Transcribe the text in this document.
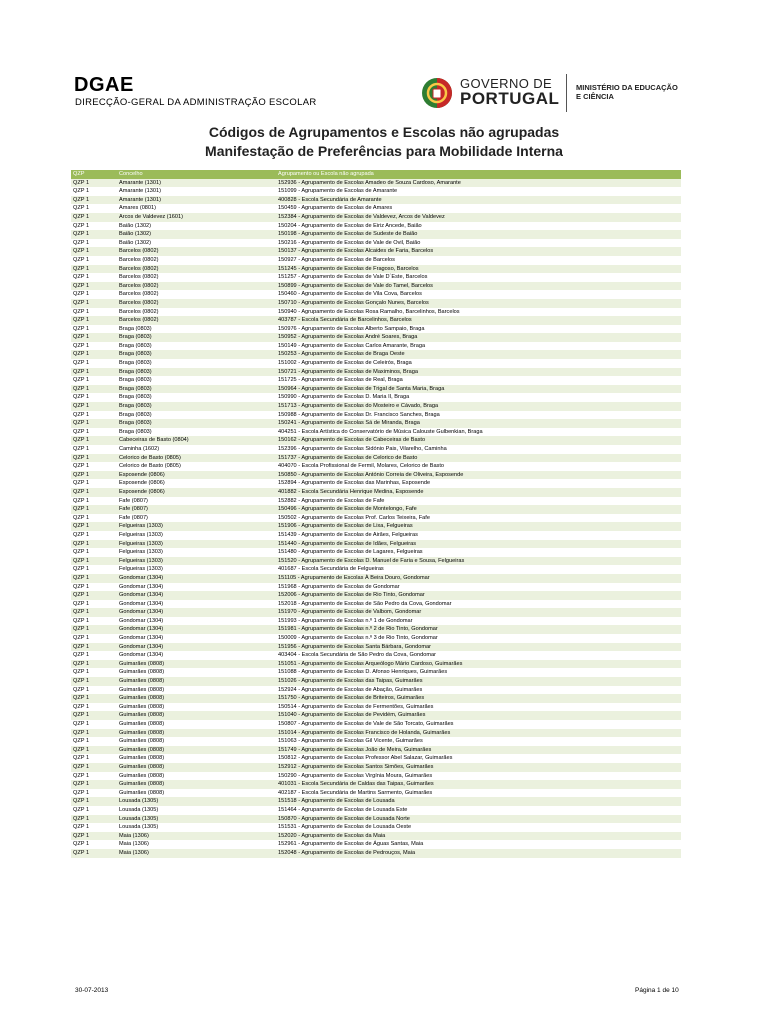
DGAE
DIRECÇÃO-GERAL DA ADMINISTRAÇÃO ESCOLAR
GOVERNO DE
PORTUGAL
MINISTÉRIO DA EDUCAÇÃO
E CIÊNCIA
Códigos de Agrupamentos e Escolas não agrupadas
Manifestação de Preferências para Mobilidade Interna
QZP	Concelho	Agrupamento ou Escola não agrupada
QZP 1	Amarante (1301)	152936 - Agrupamento de Escolas Amadeo de Souza Cardoso, Amarante
QZP 1	Amarante (1301)	151099 - Agrupamento de Escolas de Amarante
QZP 1	Amarante (1301)	400828 - Escola Secundária de Amarante
QZP 1	Amares (0801)	150459 - Agrupamento de Escolas de Amares
QZP 1	Arcos de Valdevez (1601)	152384 - Agrupamento de Escolas de Valdevez, Arcos de Valdevez
QZP 1	Baião (1302)	150204 - Agrupamento de Escolas de Eiriz Ancede, Baião
QZP 1	Baião (1302)	150198 - Agrupamento de Escolas de Sudeste de Baião
QZP 1	Baião (1302)	150216 - Agrupamento de Escolas de Vale de Ovil, Baião
QZP 1	Barcelos (0802)	150137 - Agrupamento de Escolas Alcaides de Faria, Barcelos
QZP 1	Barcelos (0802)	150927 - Agrupamento de Escolas de Barcelos
QZP 1	Barcelos (0802)	151245 - Agrupamento de Escolas de Fragoso, Barcelos
QZP 1	Barcelos (0802)	151257 - Agrupamento de Escolas de Vale D´Este, Barcelos
QZP 1	Barcelos (0802)	150899 - Agrupamento de Escolas de Vale do Tamel, Barcelos
QZP 1	Barcelos (0802)	150460 - Agrupamento de Escolas de Vila Cova, Barcelos
QZP 1	Barcelos (0802)	150710 - Agrupamento de Escolas Gonçalo Nunes, Barcelos
QZP 1	Barcelos (0802)	150940 - Agrupamento de Escolas Rosa Ramalho, Barcelinhos, Barcelos
QZP 1	Barcelos (0802)	403787 - Escola Secundária de Barcelinhos, Barcelos
QZP 1	Braga (0803)	150976 - Agrupamento de Escolas Alberto Sampaio, Braga
QZP 1	Braga (0803)	150952 - Agrupamento de Escolas André Soares, Braga
QZP 1	Braga (0803)	150149 - Agrupamento de Escolas Carlos Amarante, Braga
QZP 1	Braga (0803)	150253 - Agrupamento de Escolas de Braga Oeste
QZP 1	Braga (0803)	151002 - Agrupamento de Escolas de Celeirós, Braga
QZP 1	Braga (0803)	150721 - Agrupamento de Escolas de Maximinos, Braga
QZP 1	Braga (0803)	151725 - Agrupamento de Escolas de Real, Braga
QZP 1	Braga (0803)	150964 - Agrupamento de Escolas de Trigal de Santa Maria, Braga
QZP 1	Braga (0803)	150990 - Agrupamento de Escolas D. Maria II, Braga
QZP 1	Braga (0803)	151713 - Agrupamento de Escolas do Mosteiro e Cávado, Braga
QZP 1	Braga (0803)	150988 - Agrupamento de Escolas Dr. Francisco Sanches, Braga
QZP 1	Braga (0803)	150241 - Agrupamento de Escolas Sá de Miranda, Braga
QZP 1	Braga (0803)	404251 - Escola Artística do Conservatório de Música Calouste Gulbenkian, Braga
QZP 1	Cabeceiras de Basto (0804)	150162 - Agrupamento de Escolas de Cabeceiras de Basto
QZP 1	Caminha (1602)	152396 - Agrupamento de Escolas Sidónio Pais, Vilarelho, Caminha
QZP 1	Celorico de Basto (0805)	151737 - Agrupamento de Escolas de Celorico de Basto
QZP 1	Celorico de Basto (0805)	404070 - Escola Profissional de Fermil, Molares, Celorico de Basto
QZP 1	Esposende (0806)	150850 - Agrupamento de Escolas António Correia de Oliveira, Esposende
QZP 1	Esposende (0806)	152894 - Agrupamento de Escolas das Marinhas, Esposende
QZP 1	Esposende (0806)	401882 - Escola Secundária Henrique Medina, Esposende
QZP 1	Fafe (0807)	152882 - Agrupamento de Escolas de Fafe
QZP 1	Fafe (0807)	150496 - Agrupamento de Escolas de Montelongo, Fafe
QZP 1	Fafe (0807)	150502 - Agrupamento de Escolas Prof. Carlos Teixeira, Fafe
QZP 1	Felgueiras (1303)	151906 - Agrupamento de Escolas de Lixa, Felgueiras
QZP 1	Felgueiras (1303)	151439 - Agrupamento de Escolas de Airães, Felgueiras
QZP 1	Felgueiras (1303)	151440 - Agrupamento de Escolas de Idães, Felgueiras
QZP 1	Felgueiras (1303)	151480 - Agrupamento de Escolas de Lagares, Felgueiras
QZP 1	Felgueiras (1303)	151520 - Agrupamento de Escolas D. Manuel de Faria e Sousa, Felgueiras
QZP 1	Felgueiras (1303)	401687 - Escola Secundária de Felgueiras
QZP 1	Gondomar (1304)	151105 - Agrupamento de Escolas À Beira Douro, Gondomar
QZP 1	Gondomar (1304)	151968 - Agrupamento de Escolas de Gondomar
QZP 1	Gondomar (1304)	152006 - Agrupamento de Escolas de Rio Tinto, Gondomar
QZP 1	Gondomar (1304)	152018 - Agrupamento de Escolas de São Pedro da Cova, Gondomar
QZP 1	Gondomar (1304)	151970 - Agrupamento de Escolas de Valbom, Gondomar
QZP 1	Gondomar (1304)	151993 - Agrupamento de Escolas n.º 1 de Gondomar
QZP 1	Gondomar (1304)	151981 - Agrupamento de Escolas n.º 2 de Rio Tinto, Gondomar
QZP 1	Gondomar (1304)	150009 - Agrupamento de Escolas n.º 3 de Rio Tinto, Gondomar
QZP 1	Gondomar (1304)	151956 - Agrupamento de Escolas Santa Bárbara, Gondomar
QZP 1	Gondomar (1304)	403404 - Escola Secundária de São Pedro da Cova, Gondomar
QZP 1	Guimarães (0808)	151051 - Agrupamento de Escolas Arqueólogo Mário Cardoso, Guimarães
QZP 1	Guimarães (0808)	151088 - Agrupamento de Escolas D. Afonso Henriques, Guimarães
QZP 1	Guimarães (0808)	151026 - Agrupamento de Escolas das Taipas, Guimarães
QZP 1	Guimarães (0808)	152924 - Agrupamento de Escolas de Abação, Guimarães
QZP 1	Guimarães (0808)	151750 - Agrupamento de Escolas de Briteiros, Guimarães
QZP 1	Guimarães (0808)	150514 - Agrupamento de Escolas de Fermentões, Guimarães
QZP 1	Guimarães (0808)	151040 - Agrupamento de Escolas de Pevidém, Guimarães
QZP 1	Guimarães (0808)	150807 - Agrupamento de Escolas de Vale de São Torcato, Guimarães
QZP 1	Guimarães (0808)	151014 - Agrupamento de Escolas Francisco de Holanda, Guimarães
QZP 1	Guimarães (0808)	151063 - Agrupamento de Escolas Gil Vicente, Guimarães
QZP 1	Guimarães (0808)	151749 - Agrupamento de Escolas João de Meira, Guimarães
QZP 1	Guimarães (0808)	150812 - Agrupamento de Escolas Professor Abel Salazar, Guimarães
QZP 1	Guimarães (0808)	152912 - Agrupamento de Escolas Santos Simões, Guimarães
QZP 1	Guimarães (0808)	150290 - Agrupamento de Escolas Virgínia Moura, Guimarães
QZP 1	Guimarães (0808)	401031 - Escola Secundária de Caldas das Taipas, Guimarães
QZP 1	Guimarães (0808)	402187 - Escola Secundária de Martins Sarmento, Guimarães
QZP 1	Lousada (1305)	151518 - Agrupamento de Escolas de Lousada
QZP 1	Lousada (1305)	151464 - Agrupamento de Escolas de Lousada Este
QZP 1	Lousada (1305)	150870 - Agrupamento de Escolas de Lousada Norte
QZP 1	Lousada (1305)	151531 - Agrupamento de Escolas de Lousada Oeste
QZP 1	Maia (1306)	152020 - Agrupamento de Escolas da Maia
QZP 1	Maia (1306)	152961 - Agrupamento de Escolas de Águas Santas, Maia
QZP 1	Maia (1306)	152048 - Agrupamento de Escolas de Pedrouços, Maia
30-07-2013	Página 1 de 10
